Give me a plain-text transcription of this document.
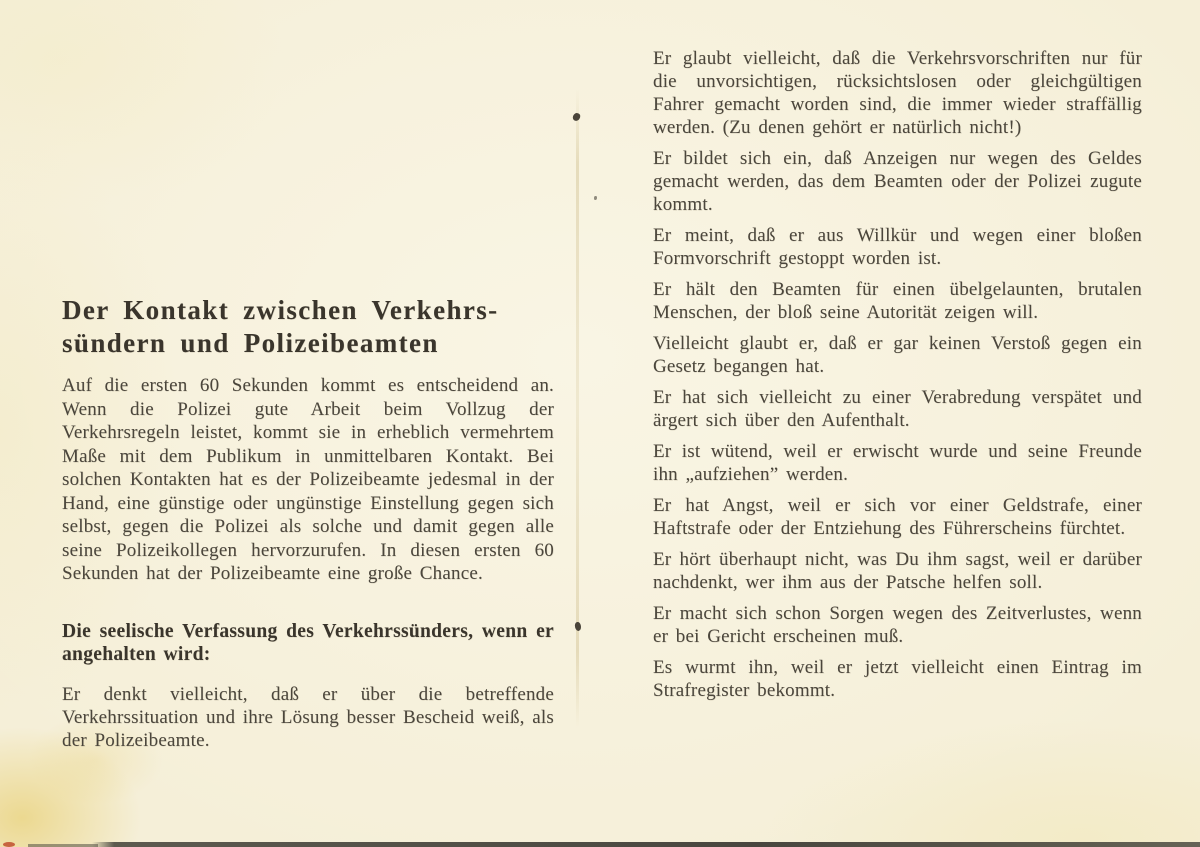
Der Kontakt zwischen Verkehrs-
sündern und Polizeibeamten

Auf die ersten 60 Sekunden kommt es entscheidend an. Wenn die Polizei gute Arbeit beim Vollzug der Verkehrsregeln leistet, kommt sie in erheblich vermehrtem Maße mit dem Publikum in unmittelbaren Kontakt. Bei solchen Kontakten hat es der Polizeibeamte jedesmal in der Hand, eine günstige oder ungünstige Einstellung gegen sich selbst, gegen die Polizei als solche und damit gegen alle seine Polizeikollegen hervorzurufen. In diesen ersten 60 Sekunden hat der Polizeibeamte eine große Chance.

Die seelische Verfassung des Verkehrssünders, wenn er angehalten wird:

Er denkt vielleicht, daß er über die betreffende Verkehrssituation und ihre Lösung besser Bescheid weiß, als der Polizeibeamte.

Er glaubt vielleicht, daß die Verkehrsvorschriften nur für die unvorsichtigen, rücksichtslosen oder gleichgültigen Fahrer gemacht worden sind, die immer wieder straffällig werden. (Zu denen gehört er natürlich nicht!)

Er bildet sich ein, daß Anzeigen nur wegen des Geldes gemacht werden, das dem Beamten oder der Polizei zugute kommt.

Er meint, daß er aus Willkür und wegen einer bloßen Formvorschrift gestoppt worden ist.

Er hält den Beamten für einen übelgelaunten, brutalen Menschen, der bloß seine Autorität zeigen will.

Vielleicht glaubt er, daß er gar keinen Verstoß gegen ein Gesetz begangen hat.

Er hat sich vielleicht zu einer Verabredung verspätet und ärgert sich über den Aufenthalt.

Er ist wütend, weil er erwischt wurde und seine Freunde ihn „aufziehen” werden.

Er hat Angst, weil er sich vor einer Geldstrafe, einer Haftstrafe oder der Entziehung des Führerscheins fürchtet.

Er hört überhaupt nicht, was Du ihm sagst, weil er darüber nachdenkt, wer ihm aus der Patsche helfen soll.

Er macht sich schon Sorgen wegen des Zeitverlustes, wenn er bei Gericht erscheinen muß.

Es wurmt ihn, weil er jetzt vielleicht einen Eintrag im Strafregister bekommt.
